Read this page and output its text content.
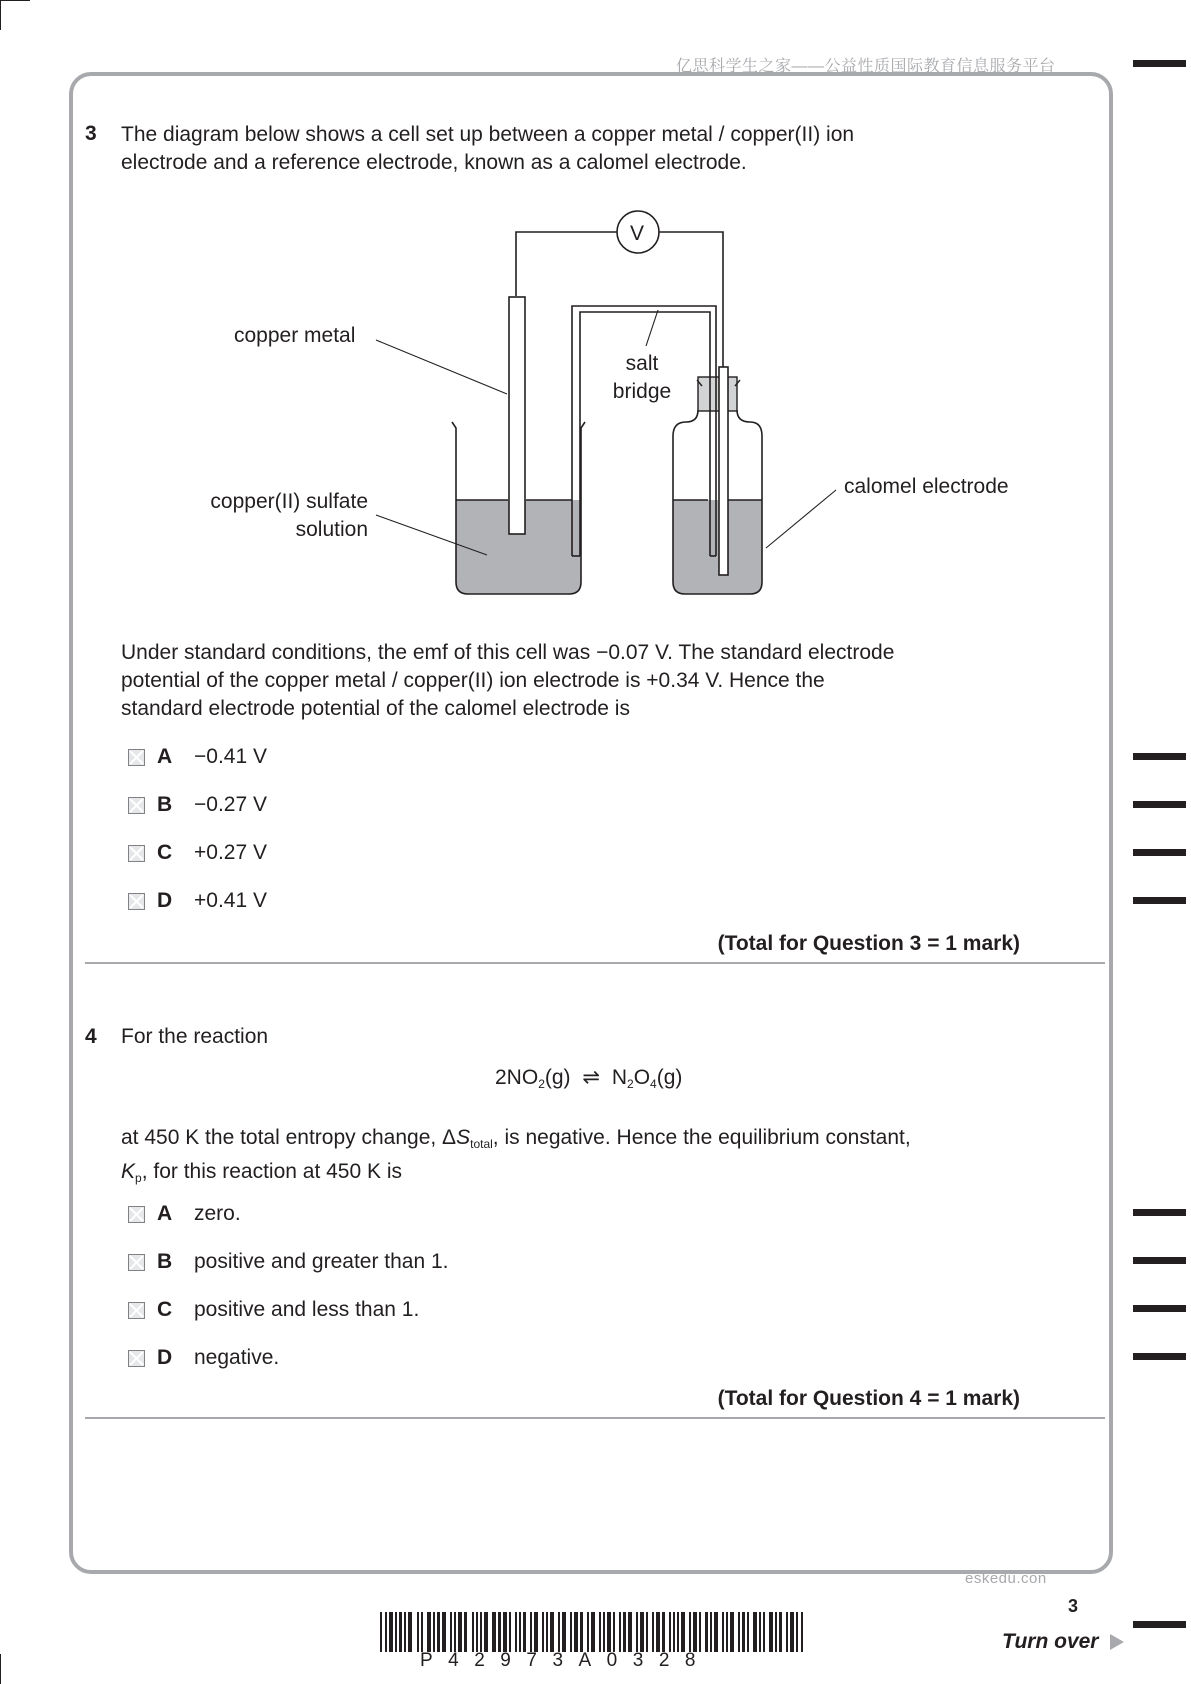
亿思科学生之家——公益性质国际教育信息服务平台
3 The diagram below shows a cell set up between a copper metal / copper(II) ion
electrode and a reference electrode, known as a calomel electrode.
V
copper metal
salt
bridge
copper(II) sulfate
solution
calomel electrode
Under standard conditions, the emf of this cell was −0.07 V. The standard electrode
potential of the copper metal / copper(II) ion electrode is +0.34 V. Hence the
standard electrode potential of the calomel electrode is
A	−0.41 V
B	−0.27 V
C	+0.27 V
D	+0.41 V
(Total for Question 3 = 1 mark)
4 For the reaction
$2NO_2(g)$ ⇌ $N_2O_4(g)$
at 450 K the total entropy change, $\Delta S_{total}$, is negative. Hence the equilibrium constant,
$K_p$, for this reaction at 450 K is
A	zero.
B	positive and greater than 1.
C	positive and less than 1.
D	negative.
(Total for Question 4 = 1 mark)
eskedu.con
3
Turn over
P42973A0328
